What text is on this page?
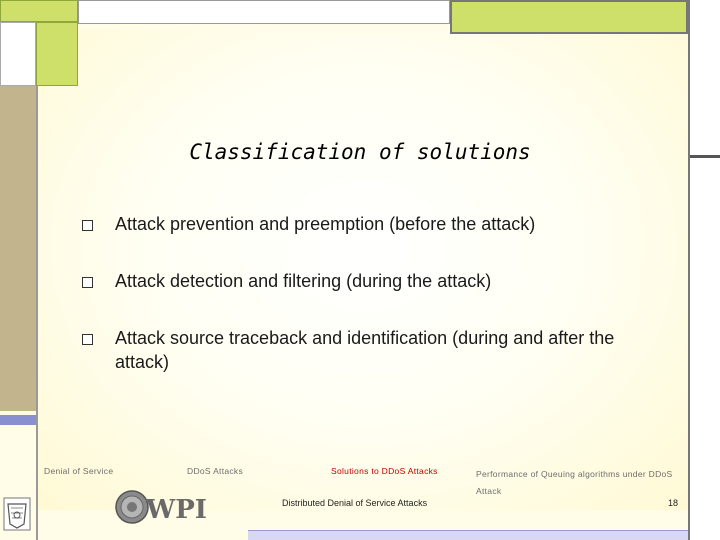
Classification of solutions
Attack prevention and preemption (before the attack)
Attack detection and filtering (during the attack)
Attack source traceback and identification (during and after the attack)
Denial of Service	DDoS Attacks	Solutions to DDoS Attacks	Performance of Queuing algorithms under DDoS Attack
WPI	Distributed Denial of Service Attacks	18
